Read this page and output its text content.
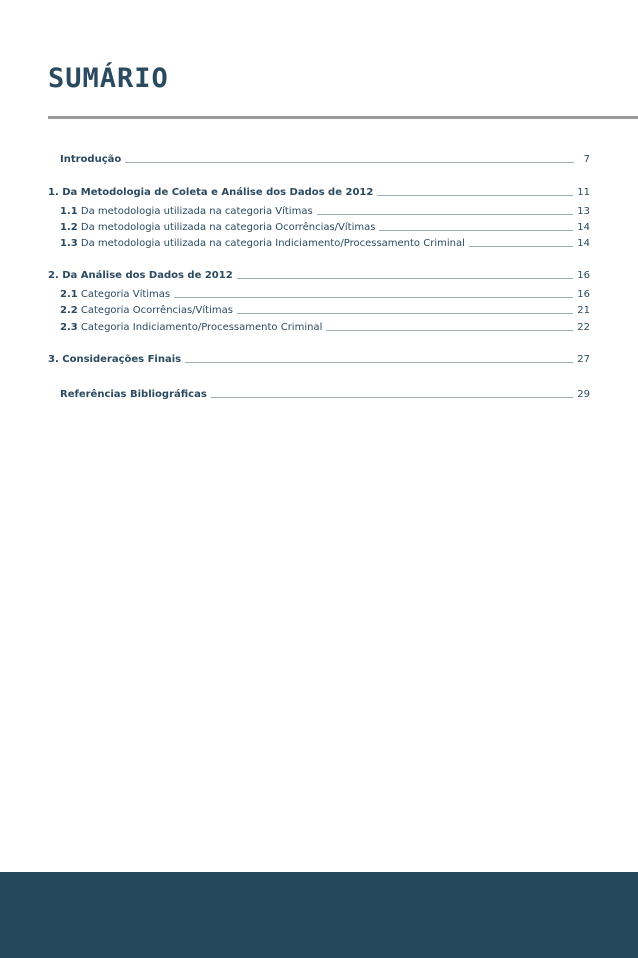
SUMÁRIO
Introdução	7
1. Da Metodologia de Coleta e Análise dos Dados de 2012	11
1.1 Da metodologia utilizada na categoria Vítimas	13
1.2 Da metodologia utilizada na categoria Ocorrências/Vítimas	14
1.3 Da metodologia utilizada na categoria Indiciamento/Processamento Criminal	14
2. Da Análise dos Dados de 2012	16
2.1 Categoria Vítimas	16
2.2 Categoria Ocorrências/Vítimas	21
2.3 Categoria Indiciamento/Processamento Criminal	22
3. Considerações Finais	27
Referências Bibliográficas	29
